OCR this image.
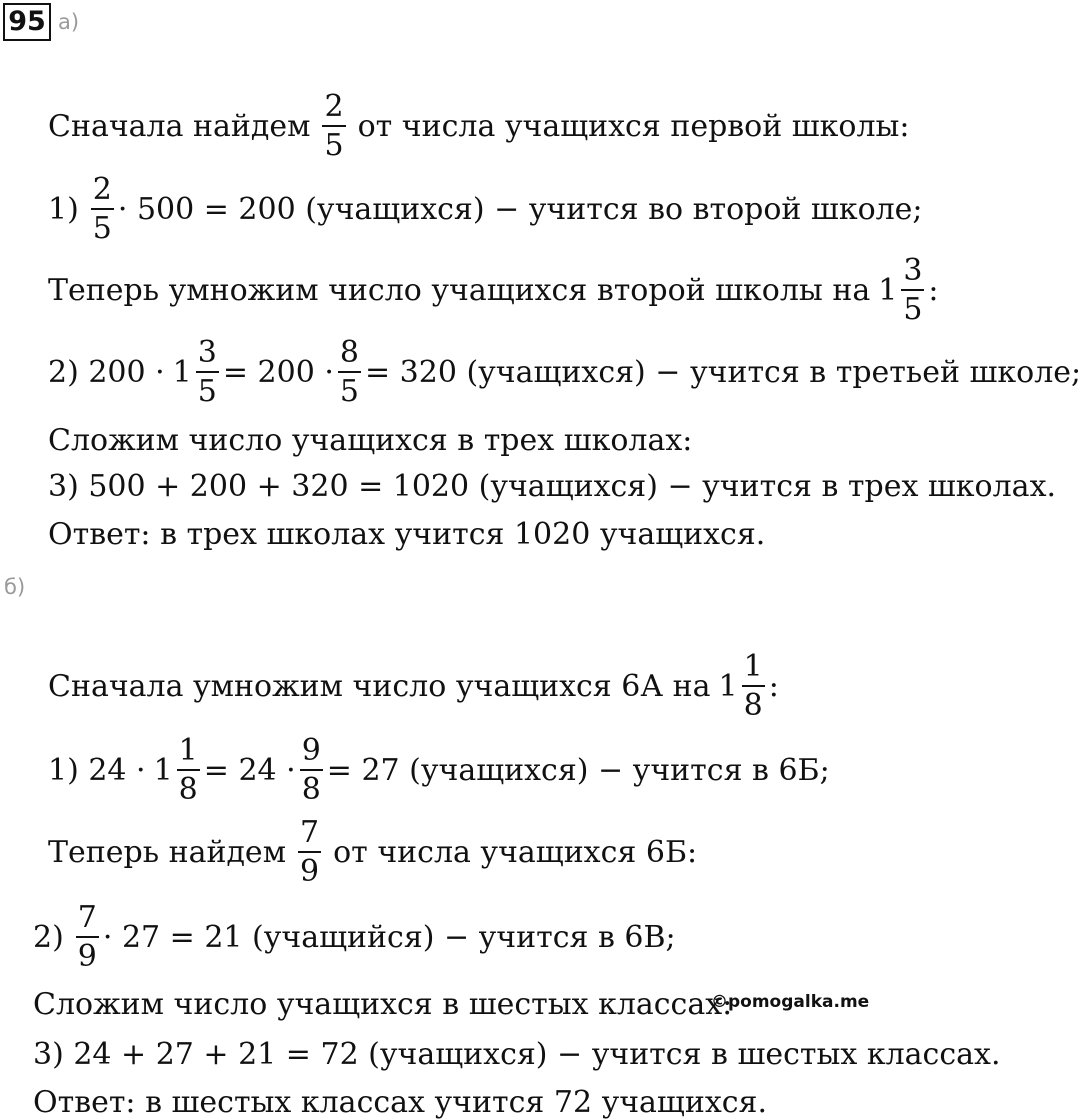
95 а)
Сначала найдем $\frac{2}{5}$ от числа учащихся первой школы:
$1) \frac{2}{5} \cdot 500 = 200$ (учащихся) − учится во второй школе;
Теперь умножим число учащихся второй школы на $1 \frac{3}{5}$ :
2) $200 \cdot 1 \frac{3}{5} = 200 \cdot \frac{8}{5} = 320$ (учащихся) − учится в третьей школе;
Сложим число учащихся в трех школах:
3) 500 + 200 + 320 = 1020 (учащихся) − учится в трех школах.
Ответ: в трех школах учится 1020 учащихся.
б)
Сначала умножим число учащихся 6А на $1 \frac{1}{8}$ :
1) $24 \cdot 1 \frac{1}{8} = 24 \cdot \frac{9}{8} = 27$ (учащихся) − учится в 6Б;
Теперь найдем $\frac{7}{9}$ от числа учащихся 6Б:
$2) \frac{7}{9} \cdot 27 = 21$ (учащийся) − учится в 6В;
Сложим число учащихся в шестых классах:
©pomogalka.me
3) 24 + 27 + 21 = 72 (учащихся) − учится в шестых классах.
Ответ: в шестых классах учится 72 учащихся.
